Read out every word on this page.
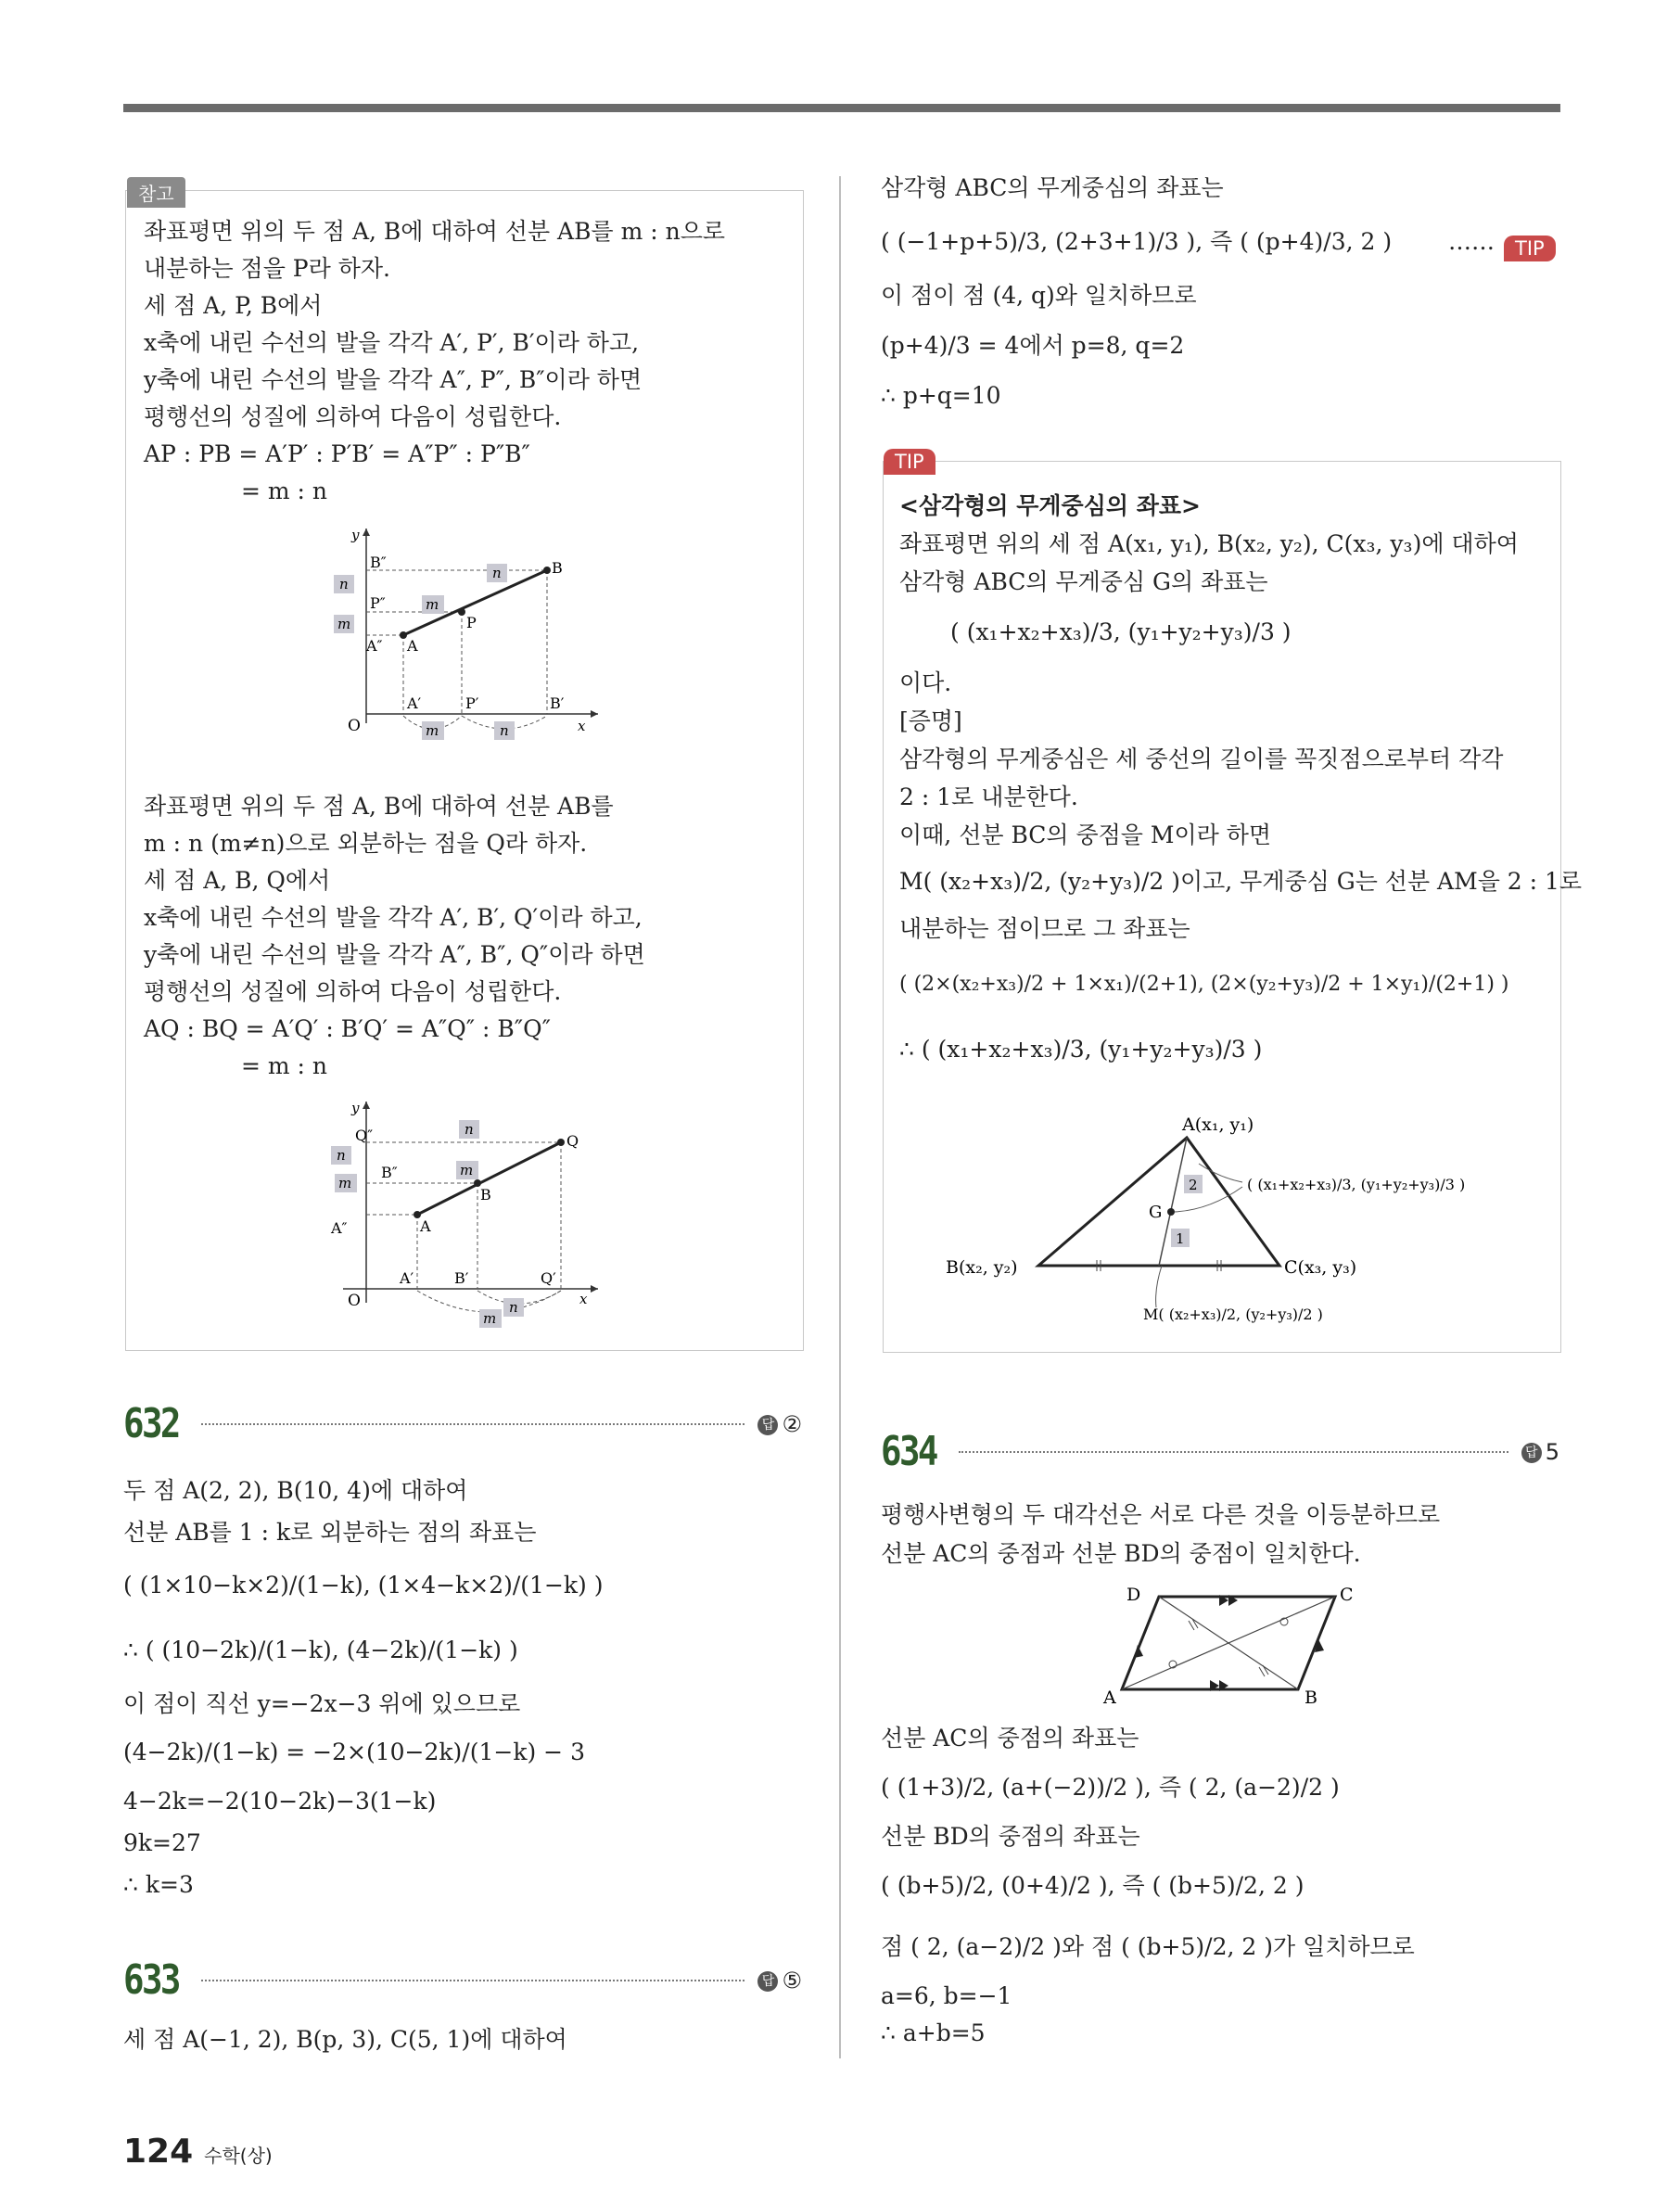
참고
좌표평면 위의 두 점 A, B에 대하여 선분 AB를 m : n으로
내분하는 점을 P라 하자.
세 점 A, P, B에서
x축에 내린 수선의 발을 각각 A′, P′, B′이라 하고,
y축에 내린 수선의 발을 각각 A″, P″, B″이라 하면
평행선의 성질에 의하여 다음이 성립한다.
AP : PB = A′P′ : P′B′ = A″P″ : P″B″
= m : n
y
x
O
B″
P″
A″ A
P
B
A′	P′	B′
n
m
m
n
m	n
좌표평면 위의 두 점 A, B에 대하여 선분 AB를
m : n (m≠n)으로 외분하는 점을 Q라 하자.
세 점 A, B, Q에서
x축에 내린 수선의 발을 각각 A′, B′, Q′이라 하고,
y축에 내린 수선의 발을 각각 A″, B″, Q″이라 하면
평행선의 성질에 의하여 다음이 성립한다.
AQ : BQ = A′Q′ : B′Q′ = A″Q″ : B″Q″
= m : n
y
x
O
Q″
B″
A″	A
B
Q
A′	B′	Q′
n
m
n
m
m
n
632	답 ②
두 점 A(2, 2), B(10, 4)에 대하여
선분 AB를 1 : k로 외분하는 점의 좌표는
( (1×10−k×2)/(1−k), (1×4−k×2)/(1−k) )
∴ ( (10−2k)/(1−k), (4−2k)/(1−k) )
이 점이 직선 y=−2x−3 위에 있으므로
(4−2k)/(1−k) = −2×(10−2k)/(1−k) − 3
4−2k=−2(10−2k)−3(1−k)
9k=27
∴ k=3
633	답 ⑤
세 점 A(−1, 2), B(p, 3), C(5, 1)에 대하여
삼각형 ABC의 무게중심의 좌표는
( (−1+p+5)/3, (2+3+1)/3 ), 즉 ( (p+4)/3, 2 ) ……
이 점이 점 (4, q)와 일치하므로
(p+4)/3 = 4에서 p=8, q=2
∴ p+q=10
TIP
TIP
<삼각형의 무게중심의 좌표>
좌표평면 위의 세 점 A(x₁, y₁), B(x₂, y₂), C(x₃, y₃)에 대하여
삼각형 ABC의 무게중심 G의 좌표는
( (x₁+x₂+x₃)/3, (y₁+y₂+y₃)/3 )
이다.
[증명]
삼각형의 무게중심은 세 중선의 길이를 꼭짓점으로부터 각각
2 : 1로 내분한다.
이때, 선분 BC의 중점을 M이라 하면
M( (x₂+x₃)/2, (y₂+y₃)/2 )이고, 무게중심 G는 선분 AM을 2 : 1로
내분하는 점이므로 그 좌표는
( (2×(x₂+x₃)/2 + 1×x₁)/(2+1), (2×(y₂+y₃)/2 + 1×y₁)/(2+1) )
∴ ( (x₁+x₂+x₃)/3, (y₁+y₂+y₃)/3 )
2
1
A(x₁, y₁)
B(x₂, y₂)	C(x₃, y₃)
G
( (x₁+x₂+x₃)/3, (y₁+y₂+y₃)/3 )
M( (x₂+x₃)/2, (y₂+y₃)/2 )
634	답 5
평행사변형의 두 대각선은 서로 다른 것을 이등분하므로
선분 AC의 중점과 선분 BD의 중점이 일치한다.
A	B
C
D
선분 AC의 중점의 좌표는
( (1+3)/2, (a+(−2))/2 ), 즉 ( 2, (a−2)/2 )
선분 BD의 중점의 좌표는
( (b+5)/2, (0+4)/2 ), 즉 ( (b+5)/2, 2 )
점 ( 2, (a−2)/2 )와 점 ( (b+5)/2, 2 )가 일치하므로
a=6, b=−1
∴ a+b=5
124 수학(상)
